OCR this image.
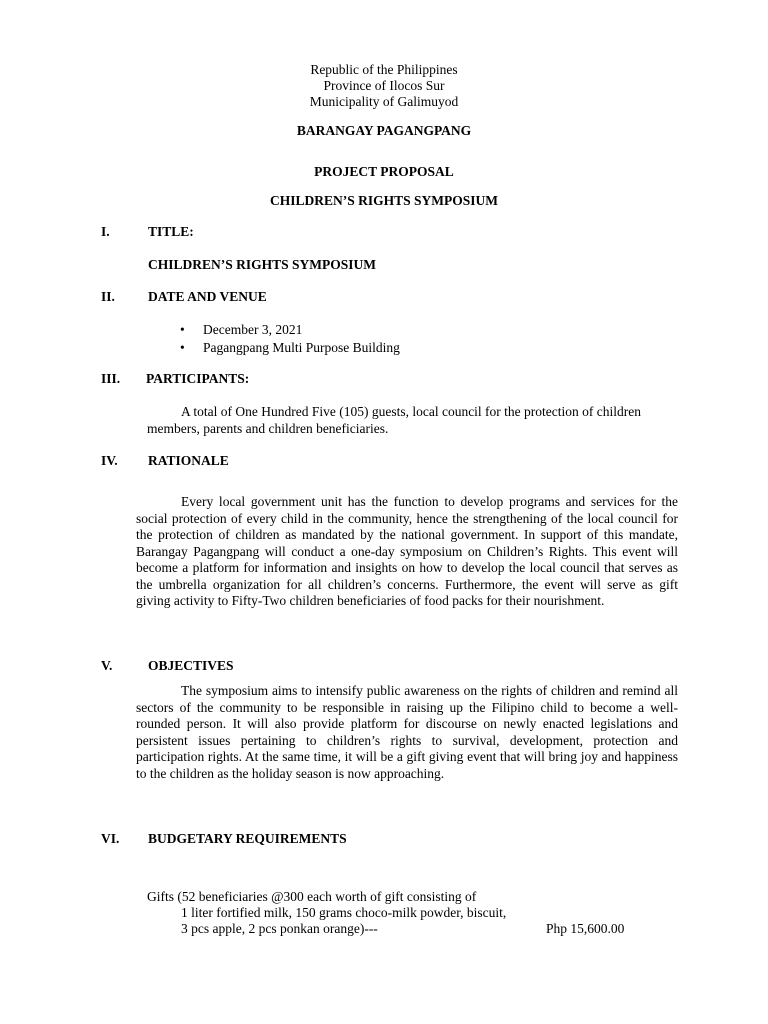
Republic of the Philippines
Province of Ilocos Sur
Municipality of Galimuyod
BARANGAY PAGANGPANG
PROJECT PROPOSAL
CHILDREN’S RIGHTS SYMPOSIUM
I.	TITLE:
CHILDREN’S RIGHTS SYMPOSIUM
II. DATE AND VENUE
• December 3, 2021
• Pagangpang Multi Purpose Building
III. PARTICIPANTS:

A total of One Hundred Five (105) guests, local council for the protection of children members, parents and children beneficiaries.

IV. RATIONALE

Every local government unit has the function to develop programs and services for the social protection of every child in the community, hence the strengthening of the local council for the protection of children as mandated by the national government. In support of this mandate, Barangay Pagangpang will conduct a one-day symposium on Children’s Rights. This event will become a platform for information and insights on how to develop the local council that serves as the umbrella organization for all children’s concerns. Furthermore, the event will serve as gift giving activity to Fifty-Two children beneficiaries of food packs for their nourishment.

V.	OBJECTIVES

The symposium aims to intensify public awareness on the rights of children and remind all sectors of the community to be responsible in raising up the Filipino child to become a well-rounded person. It will also provide platform for discourse on newly enacted legislations and persistent issues pertaining to children’s rights to survival, development, protection and participation rights. At the same time, it will be a gift giving event that will bring joy and happiness to the children as the holiday season is now approaching.

VI. BUDGETARY REQUIREMENTS
Gifts (52 beneficiaries @300 each worth of gift consisting of
1 liter fortified milk, 150 grams choco-milk powder, biscuit,
3 pcs apple, 2 pcs ponkan orange)---	Php 15,600.00
